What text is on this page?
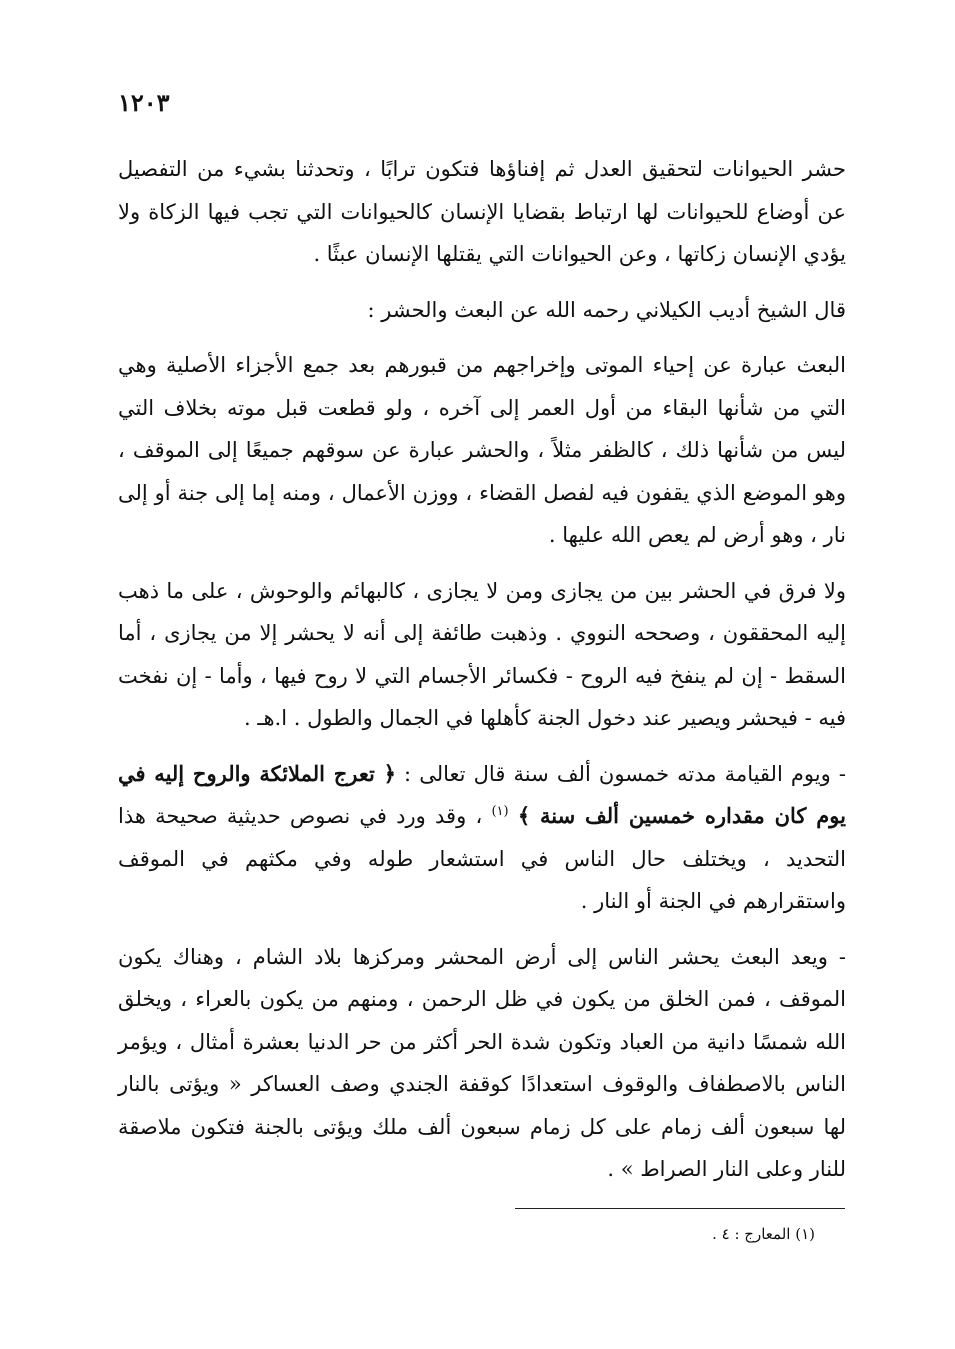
١٢٠٣

حشر الحيوانات لتحقيق العدل ثم إفناؤها فتكون ترابًا ، وتحدثنا بشيء من التفصيل عن أوضاع للحيوانات لها ارتباط بقضايا الإنسان كالحيوانات التي تجب فيها الزكاة ولا يؤدي الإنسان زكاتها ، وعن الحيوانات التي يقتلها الإنسان عبثًا .

قال الشيخ أديب الكيلاني رحمه الله عن البعث والحشر :

البعث عبارة عن إحياء الموتى وإخراجهم من قبورهم بعد جمع الأجزاء الأصلية وهي التي من شأنها البقاء من أول العمر إلى آخره ، ولو قطعت قبل موته بخلاف التي ليس من شأنها ذلك ، كالظفر مثلاً ، والحشر عبارة عن سوقهم جميعًا إلى الموقف ، وهو الموضع الذي يقفون فيه لفصل القضاء ، ووزن الأعمال ، ومنه إما إلى جنة أو إلى نار ، وهو أرض لم يعص الله عليها .

ولا فرق في الحشر بين من يجازى ومن لا يجازى ، كالبهائم والوحوش ، على ما ذهب إليه المحققون ، وصححه النووي . وذهبت طائفة إلى أنه لا يحشر إلا من يجازى ، أما السقط - إن لم ينفخ فيه الروح - فكسائر الأجسام التي لا روح فيها ، وأما - إن نفخت فيه - فيحشر ويصير عند دخول الجنة كأهلها في الجمال والطول . ا.هـ .

- ويوم القيامة مدته خمسون ألف سنة قال تعالى : ﴿ تعرج الملائكة والروح إليه في يوم كان مقداره خمسين ألف سنة ﴾ $^{(١)}$ ، وقد ورد في نصوص حديثية صحيحة هذا التحديد ، ويختلف حال الناس في استشعار طوله وفي مكثهم في الموقف واستقرارهم في الجنة أو النار .

- ويعد البعث يحشر الناس إلى أرض المحشر ومركزها بلاد الشام ، وهناك يكون الموقف ، فمن الخلق من يكون في ظل الرحمن ، ومنهم من يكون بالعراء ، ويخلق الله شمسًا دانية من العباد وتكون شدة الحر أكثر من حر الدنيا بعشرة أمثال ، ويؤمر الناس بالاصطفاف والوقوف استعدادًا كوقفة الجندي وصف العساكر « ويؤتى بالنار لها سبعون ألف زمام على كل زمام سبعون ألف ملك ويؤتى بالجنة فتكون ملاصقة للنار وعلى النار الصراط » .

(١) المعارج : ٤ .
